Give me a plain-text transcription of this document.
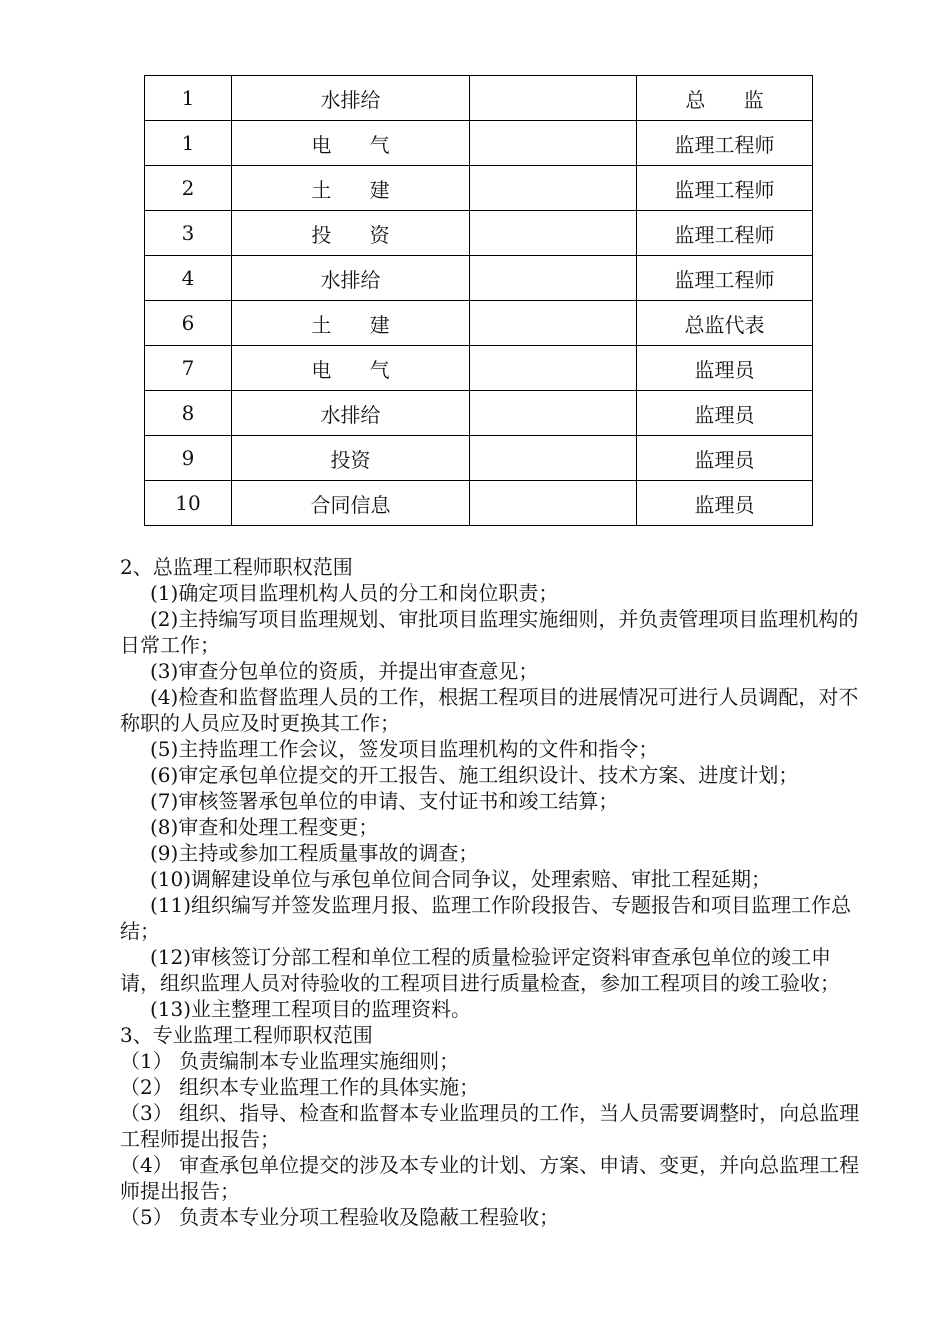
1	水排给		总 监
1	电 气		监理工程师
2	土 建		监理工程师
3	投 资		监理工程师
4	水排给		监理工程师
6	土 建		总监代表
7	电 气		监理员
8	水排给		监理员
9	投资		监理员
10	合同信息		监理员

2、总监理工程师职权范围

(1)确定项目监理机构人员的分工和岗位职责；

(2)主持编写项目监理规划、审批项目监理实施细则，并负责管理项目监理机构的日常工作；

(3)审查分包单位的资质，并提出审查意见；

(4)检查和监督监理人员的工作，根据工程项目的进展情况可进行人员调配，对不称职的人员应及时更换其工作；

(5)主持监理工作会议，签发项目监理机构的文件和指令；

(6)审定承包单位提交的开工报告、施工组织设计、技术方案、进度计划；

(7)审核签署承包单位的申请、支付证书和竣工结算；

(8)审查和处理工程变更；

(9)主持或参加工程质量事故的调查；

(10)调解建设单位与承包单位间合同争议，处理索赔、审批工程延期；

(11)组织编写并签发监理月报、监理工作阶段报告、专题报告和项目监理工作总结；

(12)审核签订分部工程和单位工程的质量检验评定资料审查承包单位的竣工申请，组织监理人员对待验收的工程项目进行质量检查，参加工程项目的竣工验收；

(13)业主整理工程项目的监理资料。

3、专业监理工程师职权范围

（1） 负责编制本专业监理实施细则；

（2） 组织本专业监理工作的具体实施；

（3） 组织、指导、检查和监督本专业监理员的工作，当人员需要调整时，向总监理工程师提出报告；

（4） 审查承包单位提交的涉及本专业的计划、方案、申请、变更，并向总监理工程师提出报告；

（5） 负责本专业分项工程验收及隐蔽工程验收；
